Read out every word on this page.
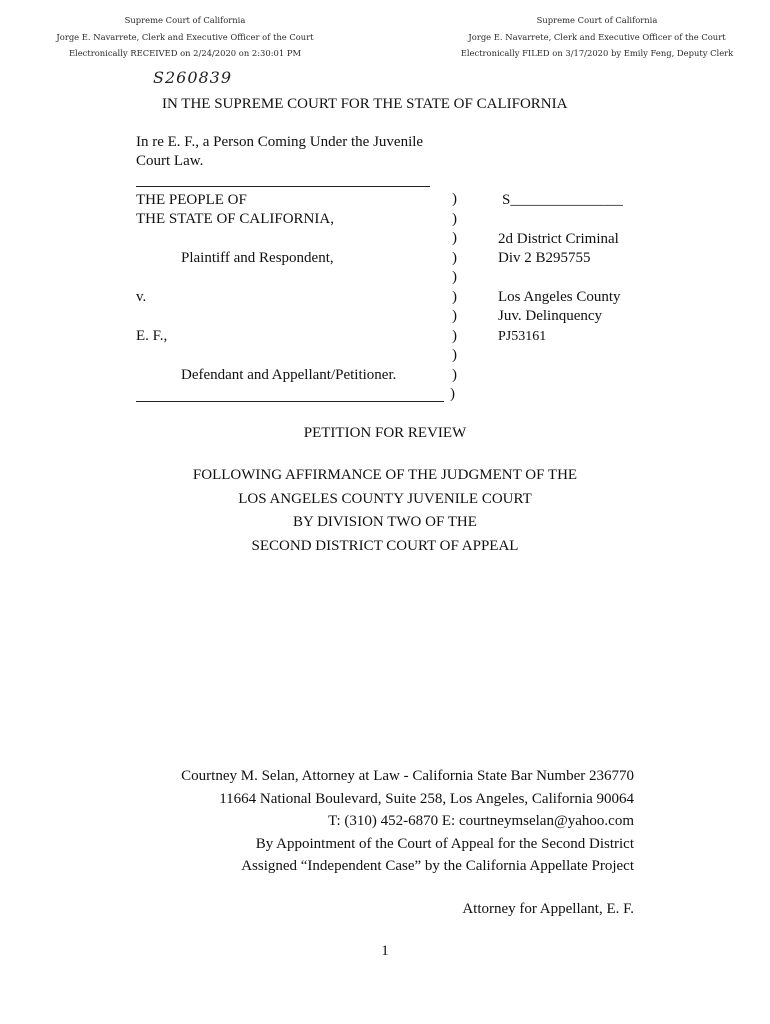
Supreme Court of California
Jorge E. Navarrete, Clerk and Executive Officer of the Court
Electronically RECEIVED on 2/24/2020 on 2:30:01 PM
Supreme Court of California
Jorge E. Navarrete, Clerk and Executive Officer of the Court
Electronically FILED on 3/17/2020 by Emily Feng, Deputy Clerk
S260839
IN THE SUPREME COURT FOR THE STATE OF CALIFORNIA
In re E. F., a Person Coming Under the Juvenile
Court Law.
THE PEOPLE OF
THE STATE OF CALIFORNIA,
Plaintiff and Respondent,
v.
E. F.,
Defendant and Appellant/Petitioner.
)
)
)
)
)
)
)
)
)
)
)
S_______________
2d District Criminal
Div 2 B295755
Los Angeles County
Juv. Delinquency
PJ53161
PETITION FOR REVIEW
FOLLOWING AFFIRMANCE OF THE JUDGMENT OF THE
LOS ANGELES COUNTY JUVENILE COURT
BY DIVISION TWO OF THE
SECOND DISTRICT COURT OF APPEAL
Courtney M. Selan, Attorney at Law - California State Bar Number 236770
11664 National Boulevard, Suite 258, Los Angeles, California 90064
T: (310) 452-6870 E: courtneymselan@yahoo.com
By Appointment of the Court of Appeal for the Second District
Assigned “Independent Case” by the California Appellate Project
Attorney for Appellant, E. F.
1
